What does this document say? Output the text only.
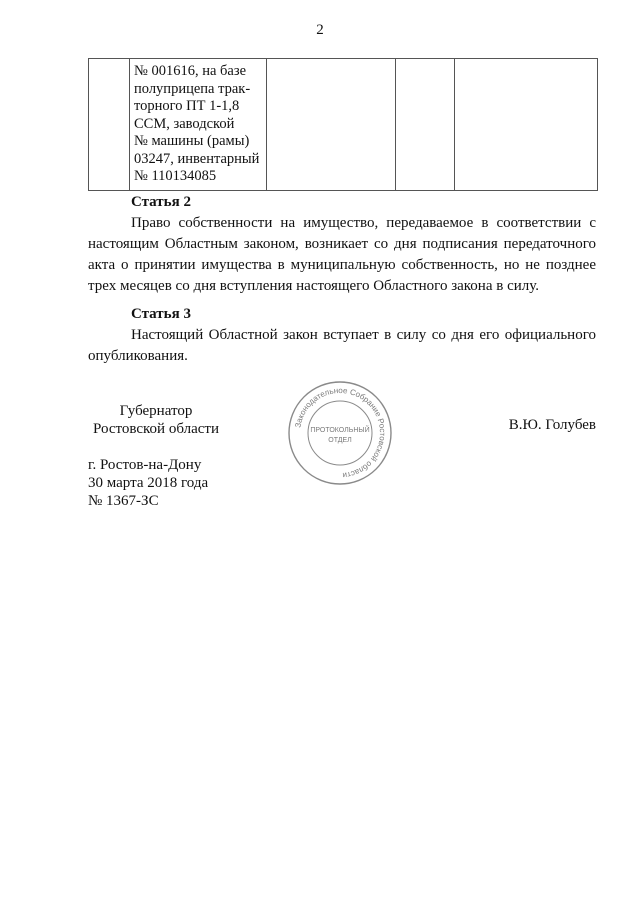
2
	№ 001616, на базе
полуприцепа трак-
торного ПТ 1-1,8
ССМ, заводской
№ машины (рамы)
03247, инвентарный
№ 110134085			
Статья 2
Право собственности на имущество, передаваемое в соответствии с настоящим Областным законом, возникает со дня подписания передаточного акта о принятии имущества в муниципальную собственность, но не позднее трех месяцев со дня вступления настоящего Областного закона в силу.
Статья 3
Настоящий Областной закон вступает в силу со дня его официального опубликования.
Губернатор
Ростовской области	В.Ю. Голубев
Законодательное Собрание Ростовской области
ПРОТОКОЛЬНЫЙ
ОТДЕЛ
г. Ростов-на-Дону
30 марта 2018 года
№ 1367-ЗС
